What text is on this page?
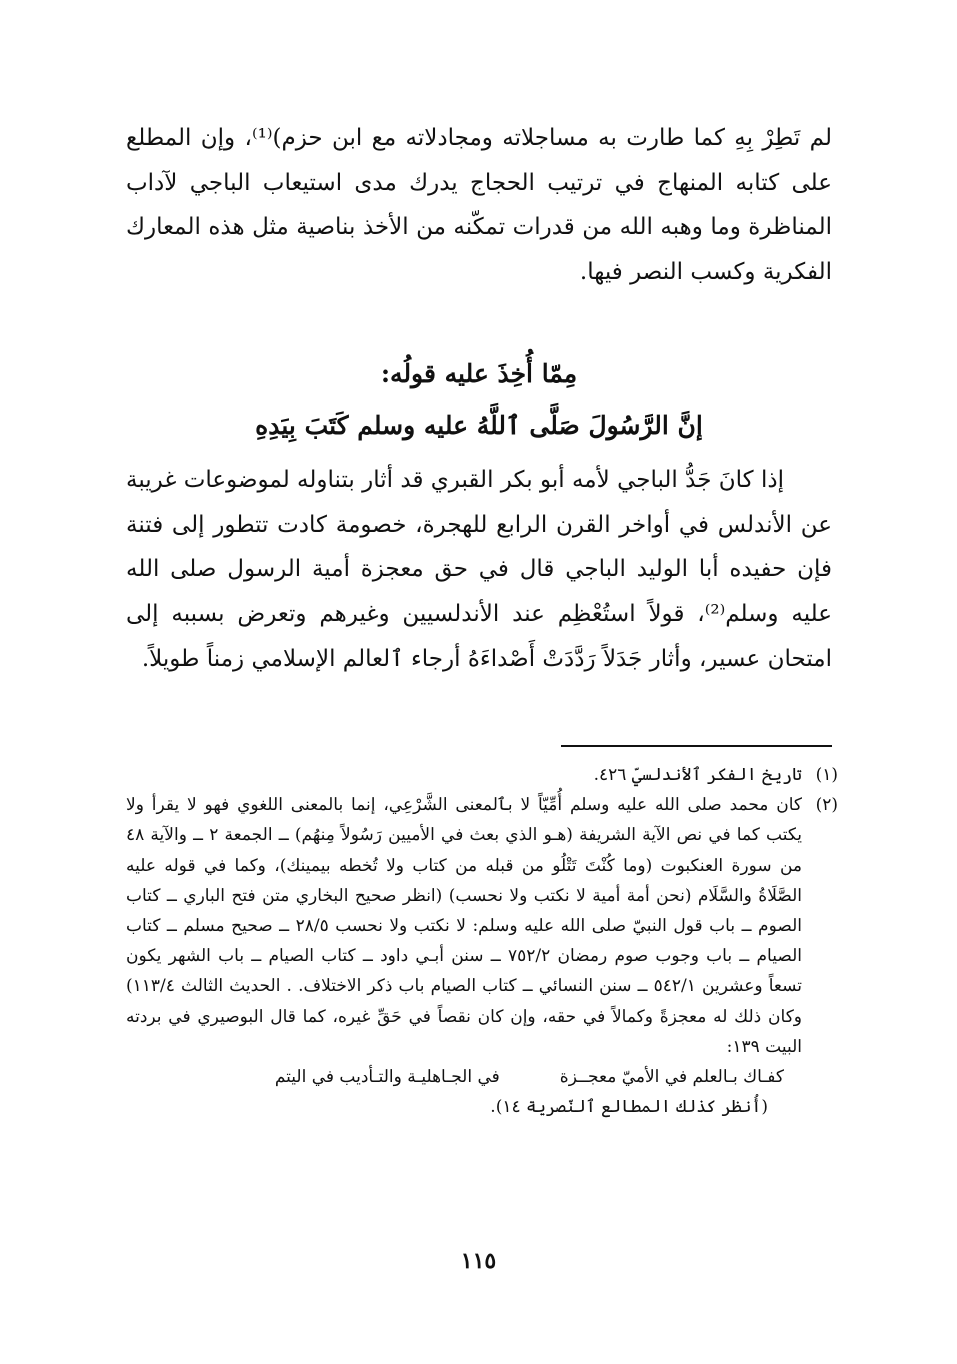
لم تَطِرْ بِهِ كما طارت به مساجلاته ومجادلاته مع ابن حزم)⁽¹⁾، وإن المطلع على كتابه المنهاج في ترتيب الحجاج يدرك مدى استيعاب الباجي لآداب المناظرة وما وهبه الله من قدرات تمكّنه من الأخذ بناصية مثل هذه المعارك الفكرية وكسب النصر فيها.

مِمّا أُخِذَ عليه قولُه:
إنَّ الرَّسُولَ صَلَّى ٱللَّهُ عليه وسلم كَتَبَ بِيَدِهِ

إذا كانَ جَدُّ الباجي لأمه أبو بكر القبري قد أثار بتناوله لموضوعات غريبة عن الأندلس في أواخر القرن الرابع للهجرة، خصومة كادت تتطور إلى فتنة فإن حفيده أبا الوليد الباجي قال في حق معجزة أمية الرسول صلى الله عليه وسلم⁽²⁾، قولاً استُعْظِم عند الأندلسيين وغيرهم وتعرض بسببه إلى امتحان عسير، وأثار جَدَلاً رَدَّدَتْ أَصْداءَهُ أرجاء ٱلعالم الإسلامي زمناً طويلاً.

(١)
تاريخ الفكر ٱلأندلسيّ ٤٢٦.
(٢)
كان محمد صلى الله عليه وسلم أُمِّيّاً لا بٱلمعنى الشَّرْعِي، إنما بالمعنى اللغوي فهو لا يقرأ ولا يكتب كما في نص الآية الشريفة (هـو الذي بعث في الأميين رَسُولاً مِنهُم) ــ الجمعة ٢ ــ والآية ٤٨ من سورة العنكبوت (وما كُنْتَ تَتْلُو من قبله من كتاب ولا تُخطه بيمينك)، وكما في قوله عليه الصَّلَاةُ والسَّلَام (نحن أمة أمية لا نكتب ولا نحسب) (انظر صحيح البخاري متن فتح الباري ــ كتاب الصوم ــ باب قول النبيّ صلى الله عليه وسلم: لا نكتب ولا نحسب ٢٨/٥ ــ صحيح مسلم ــ كتاب الصيام ــ باب وجوب صوم رمضان ٧٥٢/٢ ــ سنن أبـي داود ــ كتاب الصيام ــ باب الشهر يكون تسعاً وعشرين ٥٤٢/١ ــ سنن النسائي ــ كتاب الصيام باب ذكر الاختلاف. . الحديث الثالث ١١٣/٤) وكان ذلك له معجزةً وكمالاً في حقه، وإن كان نقصاً في حَقِّ غيره، كما قال البوصيري في بردته البيت ١٣٩:
كفـاك بـالعلم في الأميّ معجــزة
في الجـاهليـة والتـأديب في اليتم
(أُنظر كذلك المطالع ٱلنّصرية ١٤).
١١٥
